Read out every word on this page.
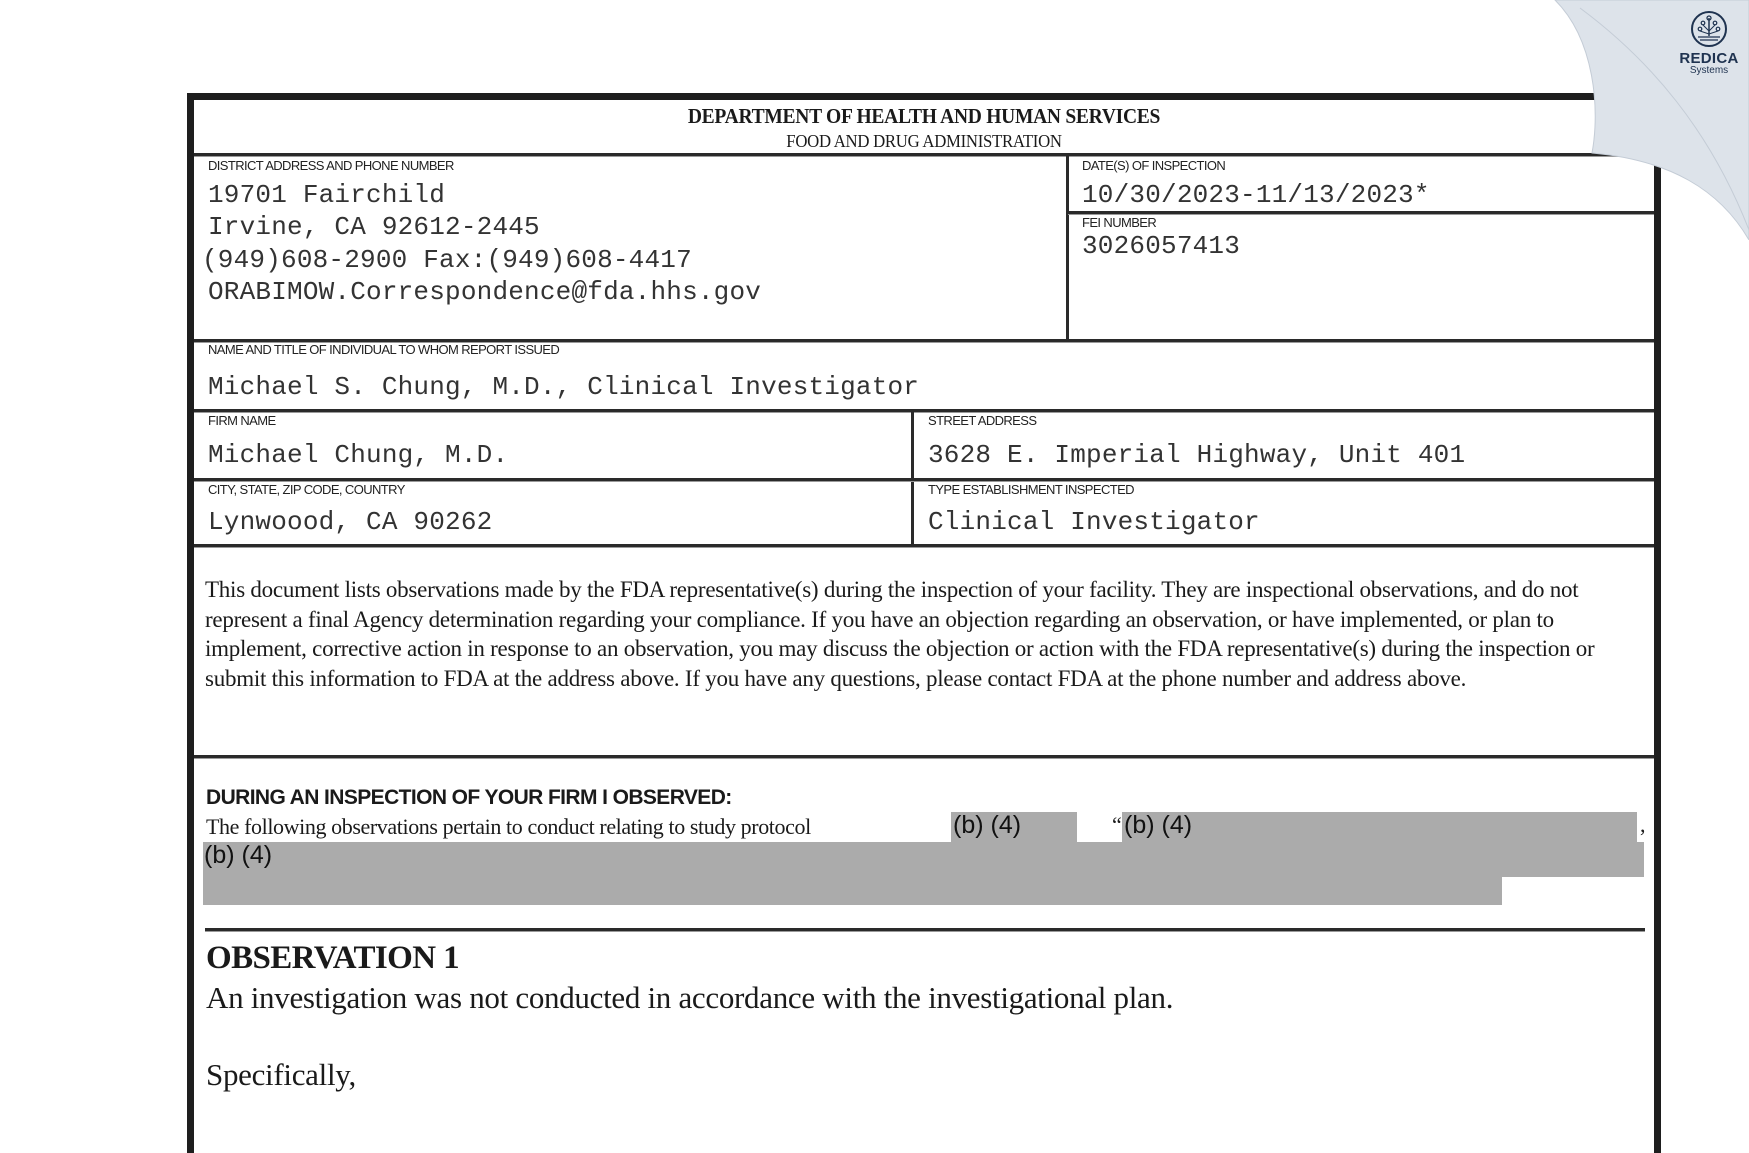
DEPARTMENT OF HEALTH AND HUMAN SERVICES
FOOD AND DRUG ADMINISTRATION
DISTRICT ADDRESS AND PHONE NUMBER
19701 Fairchild
Irvine, CA 92612-2445
(949)608-2900 Fax:(949)608-4417
ORABIMOW.Correspondence@fda.hhs.gov
DATE(S) OF INSPECTION
10/30/2023-11/13/2023*
FEI NUMBER
3026057413
NAME AND TITLE OF INDIVIDUAL TO WHOM REPORT ISSUED
Michael S. Chung, M.D., Clinical Investigator
FIRM NAME
Michael Chung, M.D.
STREET ADDRESS
3628 E. Imperial Highway, Unit 401
CITY, STATE, ZIP CODE, COUNTRY
Lynwoood, CA 90262
TYPE ESTABLISHMENT INSPECTED
Clinical Investigator
This document lists observations made by the FDA representative(s) during the inspection of your facility. They are inspectional observations, and do not represent a final Agency determination regarding your compliance. If you have an objection regarding an observation, or have implemented, or plan to implement, corrective action in response to an observation, you may discuss the objection or action with the FDA representative(s) during the inspection or submit this information to FDA at the address above. If you have any questions, please contact FDA at the phone number and address above.
DURING AN INSPECTION OF YOUR FIRM I OBSERVED:
The following observations pertain to conduct relating to study protocol	(b) (4)	“ (b) (4)	,
(b) (4)
OBSERVATION 1
An investigation was not conducted in accordance with the investigational plan.
Specifically,
REDICA
Systems
